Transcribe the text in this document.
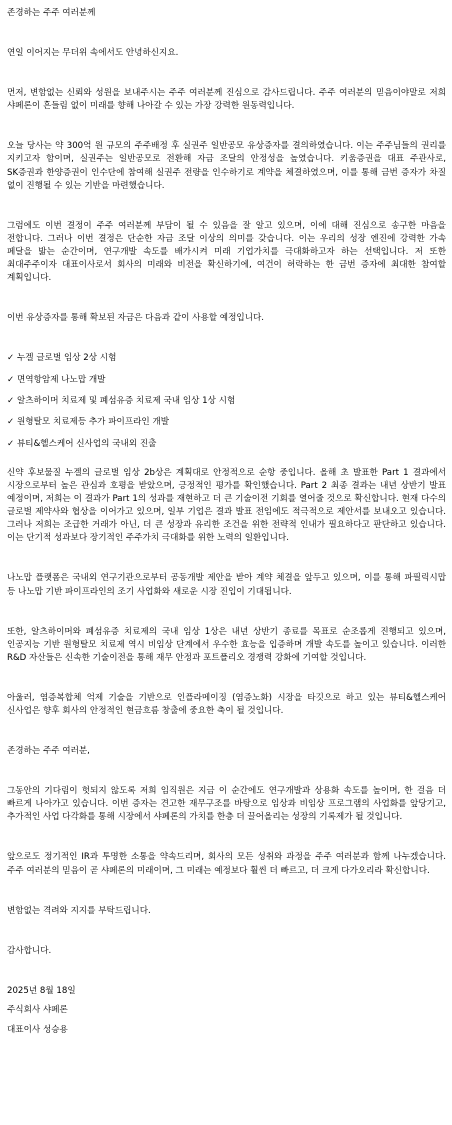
존경하는 주주 여러분께

연일 이어지는 무더위 속에서도 안녕하신지요.

먼저, 변함없는 신뢰와 성원을 보내주시는 주주 여러분께 진심으로 감사드립니다. 주주 여러분의 믿음이야말로 저희 샤페론이 흔들림 없이 미래를 향해 나아갈 수 있는 가장 강력한 원동력입니다.

오늘 당사는 약 300억 원 규모의 주주배정 후 실권주 일반공모 유상증자를 결의하였습니다. 이는 주주님들의 권리를 지키고자 함이며, 실권주는 일반공모로 전환해 자금 조달의 안정성을 높였습니다. 키움증권을 대표 주관사로, SK증권과 한양증권이 인수단에 참여해 실권주 전량을 인수하기로 계약을 체결하였으며, 이를 통해 금번 증자가 차질 없이 진행될 수 있는 기반을 마련했습니다.

그럼에도 이번 결정이 주주 여러분께 부담이 될 수 있음을 잘 알고 있으며, 이에 대해 진심으로 송구한 마음을 전합니다. 그러나 이번 결정은 단순한 자금 조달 이상의 의미를 갖습니다. 이는 우리의 성장 엔진에 강력한 가속 페달을 밟는 순간이며, 연구개발 속도를 배가시켜 미래 기업가치를 극대화하고자 하는 선택입니다. 저 또한 최대주주이자 대표이사로서 회사의 미래와 비전을 확신하기에, 여건이 허락하는 한 금번 증자에 최대한 참여할 계획입니다.

이번 유상증자를 통해 확보된 자금은 다음과 같이 사용할 예정입니다.

✓ 누겔 글로벌 임상 2상 시험
✓ 면역항암제 나노맙 개발
✓ 알츠하이머 치료제 및 폐섬유증 치료제 국내 임상 1상 시험
✓ 원형탈모 치료제등 추가 파이프라인 개발
✓ 뷰티&헬스케어 신사업의 국내외 진출

신약 후보물질 누겔의 글로벌 임상 2b상은 계획대로 안정적으로 순항 중입니다. 올해 초 발표한 Part 1 결과에서 시장으로부터 높은 관심과 호평을 받았으며, 긍정적인 평가를 확인했습니다. Part 2 최종 결과는 내년 상반기 발표 예정이며, 저희는 이 결과가 Part 1의 성과를 재현하고 더 큰 기술이전 기회를 열어줄 것으로 확신합니다. 현재 다수의 글로벌 제약사와 협상을 이어가고 있으며, 일부 기업은 결과 발표 전임에도 적극적으로 제안서를 보내오고 있습니다. 그러나 저희는 조급한 거래가 아닌, 더 큰 성장과 유리한 조건을 위한 전략적 인내가 필요하다고 판단하고 있습니다. 이는 단기적 성과보다 장기적인 주주가치 극대화를 위한 노력의 일환입니다.

나노맙 플랫폼은 국내외 연구기관으로부터 공동개발 제안을 받아 계약 체결을 앞두고 있으며, 이를 통해 파필릭시맙 등 나노맙 기반 파이프라인의 조기 사업화와 새로운 시장 진입이 기대됩니다.

또한, 알츠하이머와 폐섬유증 치료제의 국내 임상 1상은 내년 상반기 종료를 목표로 순조롭게 진행되고 있으며, 인공지능 기반 원형탈모 치료제 역시 비임상 단계에서 우수한 효능을 입증하며 개발 속도를 높이고 있습니다. 이러한 R&D 자산들은 신속한 기술이전을 통해 재무 안정과 포트폴리오 경쟁력 강화에 기여할 것입니다.

아울러, 염증복합체 억제 기술을 기반으로 인플라메이징 (염증노화) 시장을 타깃으로 하고 있는 뷰티&헬스케어 신사업은 향후 회사의 안정적인 현금흐름 창출에 중요한 축이 될 것입니다.

존경하는 주주 여러분,

그동안의 기다림이 헛되지 않도록 저희 임직원은 지금 이 순간에도 연구개발과 상용화 속도를 높이며, 한 걸음 더 빠르게 나아가고 있습니다. 이번 증자는 견고한 재무구조를 바탕으로 임상과 비임상 프로그램의 사업화를 앞당기고, 추가적인 사업 다각화를 통해 시장에서 샤페론의 가치를 한층 더 끌어올리는 성장의 기록제가 될 것입니다.

앞으로도 정기적인 IR과 투명한 소통을 약속드리며, 회사의 모든 성취와 과정을 주주 여러분과 함께 나누겠습니다. 주주 여러분의 믿음이 곧 샤페론의 미래이며, 그 미래는 예정보다 훨씬 더 빠르고, 더 크게 다가오리라 확신합니다.

변함없는 격려와 지지를 부탁드립니다.

감사합니다.

2025년 8월 18일

주식회사 샤페론

대표이사 성승용
